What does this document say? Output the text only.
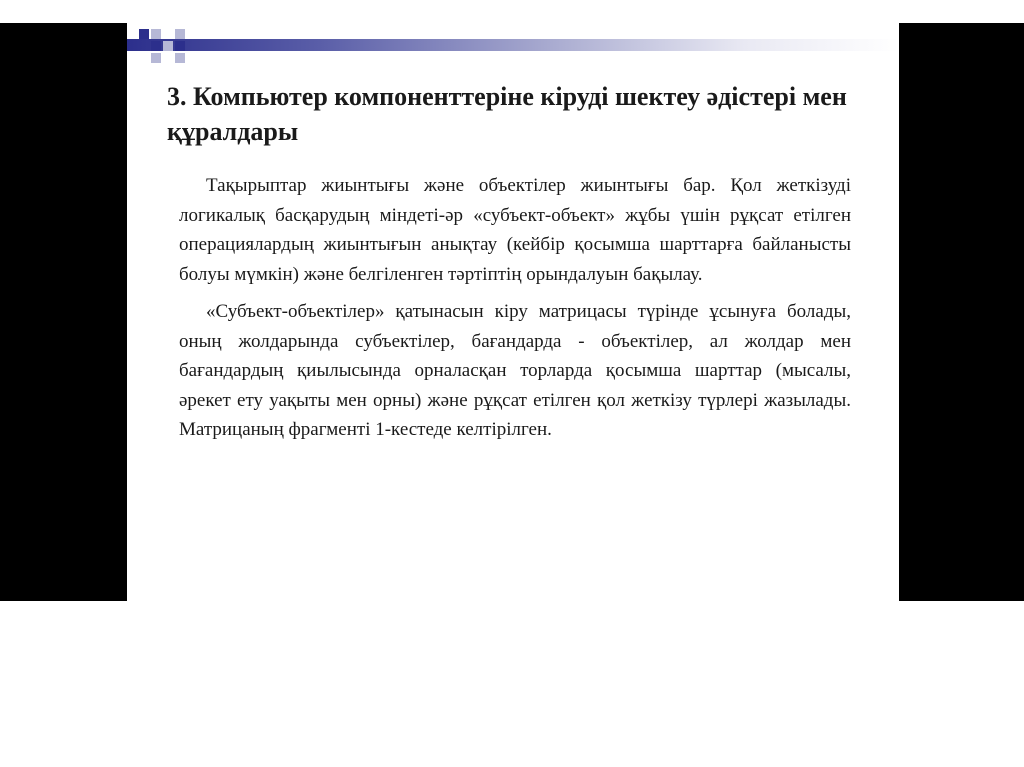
3. Компьютер компоненттеріне кіруді шектеу әдістері мен құралдары

Тақырыптар жиынтығы және объектілер жиынтығы бар. Қол жеткізуді логикалық басқарудың міндеті-әр «субъект-объект» жұбы үшін рұқсат етілген операциялардың жиынтығын анықтау (кейбір қосымша шарттарға байланысты болуы мүмкін) және белгіленген тәртіптің орындалуын бақылау.

«Субъект-объектілер» қатынасын кіру матрицасы түрінде ұсынуға болады, оның жолдарында субъектілер, бағандарда - объектілер, ал жолдар мен бағандардың қиылысында орналасқан торларда қосымша шарттар (мысалы, әрекет ету уақыты мен орны) және рұқсат етілген қол жеткізу түрлері жазылады. Матрицаның фрагменті 1-кестеде келтірілген.
